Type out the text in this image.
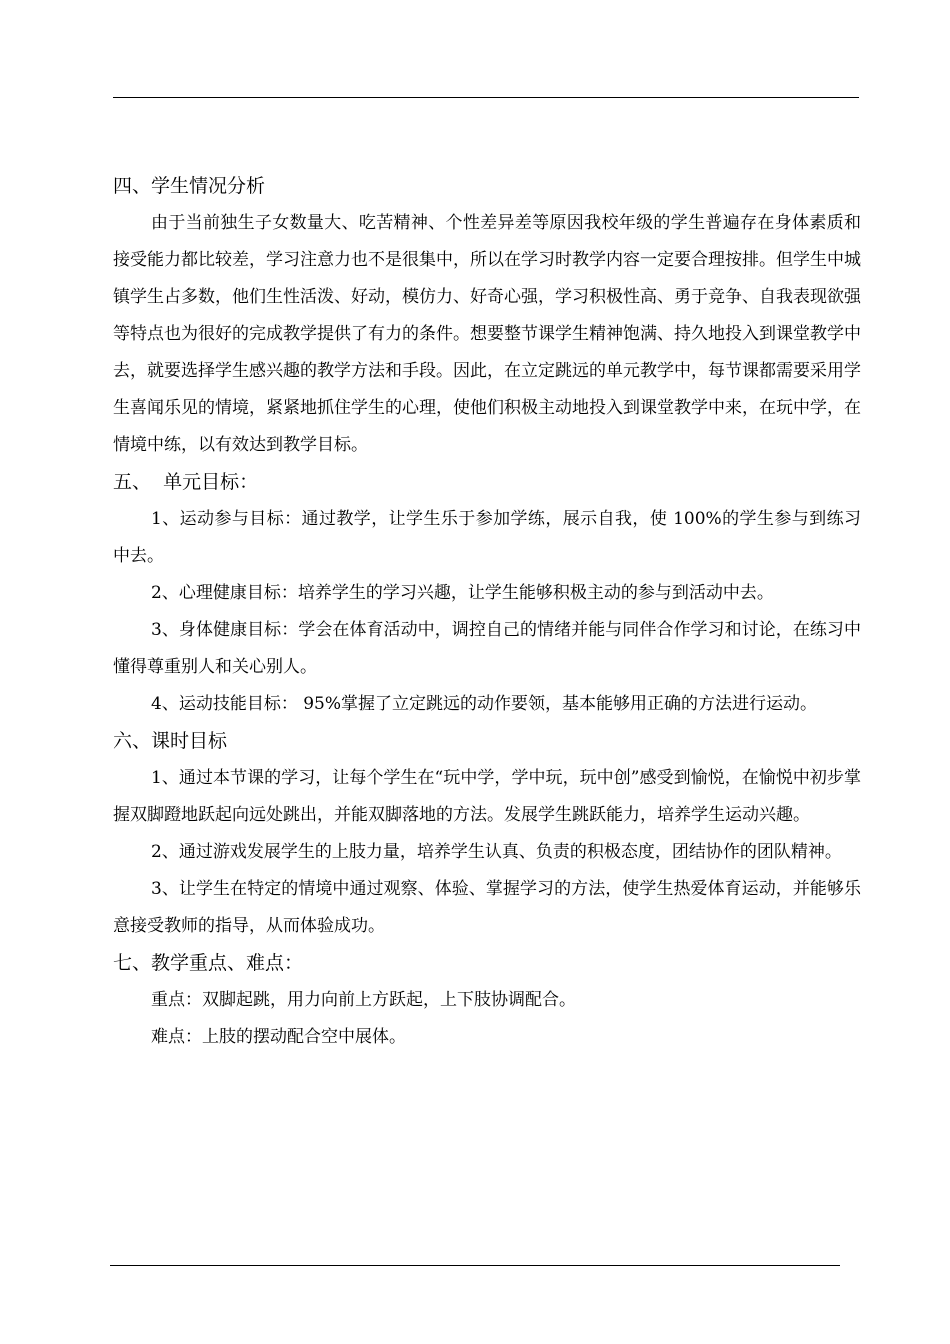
四、学生情况分析

由于当前独生子女数量大、吃苦精神、个性差异差等原因我校年级的学生普遍存在身体素质和接受能力都比较差，学习注意力也不是很集中，所以在学习时教学内容一定要合理按排。但学生中城镇学生占多数，他们生性活泼、好动，模仿力、好奇心强，学习积极性高、勇于竞争、自我表现欲强等特点也为很好的完成教学提供了有力的条件。想要整节课学生精神饱满、持久地投入到课堂教学中去，就要选择学生感兴趣的教学方法和手段。因此，在立定跳远的单元教学中，每节课都需要采用学生喜闻乐见的情境，紧紧地抓住学生的心理，使他们积极主动地投入到课堂教学中来，在玩中学，在情境中练，以有效达到教学目标。

五、  单元目标：

1、运动参与目标：通过教学，让学生乐于参加学练，展示自我，使 100%的学生参与到练习中去。

2、心理健康目标：培养学生的学习兴趣，让学生能够积极主动的参与到活动中去。

3、身体健康目标：学会在体育活动中，调控自己的情绪并能与同伴合作学习和讨论，在练习中懂得尊重别人和关心别人。

4、运动技能目标： 95%掌握了立定跳远的动作要领，基本能够用正确的方法进行运动。

六、课时目标

1、通过本节课的学习，让每个学生在“玩中学，学中玩，玩中创”感受到愉悦，在愉悦中初步掌握双脚蹬地跃起向远处跳出，并能双脚落地的方法。发展学生跳跃能力，培养学生运动兴趣。

2、通过游戏发展学生的上肢力量，培养学生认真、负责的积极态度，团结协作的团队精神。

3、让学生在特定的情境中通过观察、体验、掌握学习的方法，使学生热爱体育运动，并能够乐意接受教师的指导，从而体验成功。

七、教学重点、难点：

重点：双脚起跳，用力向前上方跃起，上下肢协调配合。

难点：上肢的摆动配合空中展体。
